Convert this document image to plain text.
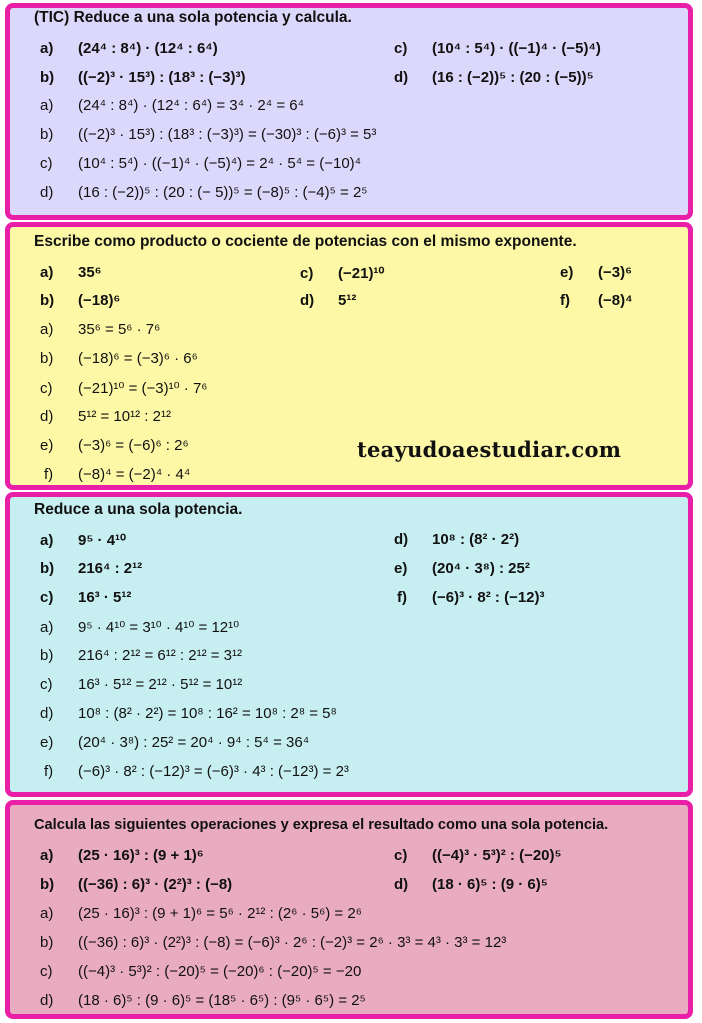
(TIC) Reduce a una sola potencia y calcula.
a) (24⁴ : 8⁴) · (12⁴ : 6⁴)	c) (10⁴ : 5⁴) · ((−1)⁴ · (−5)⁴)
b) ((−2)³ · 15³) : (18³ : (−3)³)	d) (16 : (−2))⁵ : (20 : (−5))⁵
a) (24⁴ : 8⁴) · (12⁴ : 6⁴) = 3⁴ · 2⁴ = 6⁴
b) ((−2)³ · 15³) : (18³ : (−3)³) = (−30)³ : (−6)³ = 5³
c) (10⁴ : 5⁴) · ((−1)⁴ · (−5)⁴) = 2⁴ · 5⁴ = (−10)⁴
d) (16 : (−2))⁵ : (20 : (− 5))⁵ = (−8)⁵ : (−4)⁵ = 2⁵
Escribe como producto o cociente de potencias con el mismo exponente.
a) 35⁶	c) (−21)¹⁰	e) (−3)⁶
b) (−18)⁶	d) 5¹²	f) (−8)⁴
a) 35⁶ = 5⁶ · 7⁶
b) (−18)⁶ = (−3)⁶ · 6⁶
c) (−21)¹⁰ = (−3)¹⁰ · 7⁶
d) 5¹² = 10¹² : 2¹²
e) (−3)⁶ = (−6)⁶ : 2⁶
f) (−8)⁴ = (−2)⁴ · 4⁴
teayudoaestudiar.com
Reduce a una sola potencia.
a) 9⁵ · 4¹⁰	d) 10⁸ : (8² · 2²)
b) 216⁴ : 2¹²	e) (20⁴ · 3⁸) : 25²
c) 16³ · 5¹²	f) (−6)³ · 8² : (−12)³
a) 9⁵ · 4¹⁰ = 3¹⁰ · 4¹⁰ = 12¹⁰
b) 216⁴ : 2¹² = 6¹² : 2¹² = 3¹²
c) 16³ · 5¹² = 2¹² · 5¹² = 10¹²
d) 10⁸ : (8² · 2²) = 10⁸ : 16² = 10⁸ : 2⁸ = 5⁸
e) (20⁴ · 3⁸) : 25² = 20⁴ · 9⁴ : 5⁴ = 36⁴
f) (−6)³ · 8² : (−12)³ = (−6)³ · 4³ : (−12³) = 2³
Calcula las siguientes operaciones y expresa el resultado como una sola potencia.
a) (25 · 16)³ : (9 + 1)⁶	c) ((−4)³ · 5³)² : (−20)⁵
b) ((−36) : 6)³ · (2²)³ : (−8)	d) (18 · 6)⁵ : (9 · 6)⁵
a) (25 · 16)³ : (9 + 1)⁶ = 5⁶ · 2¹² : (2⁶ · 5⁶) = 2⁶
b) ((−36) : 6)³ · (2²)³ : (−8) = (−6)³ · 2⁶ : (−2)³ = 2⁶ · 3³ = 4³ · 3³ = 12³
c) ((−4)³ · 5³)² : (−20)⁵ = (−20)⁶ : (−20)⁵ = −20
d) (18 · 6)⁵ : (9 · 6)⁵ = (18⁵ · 6⁵) : (9⁵ · 6⁵) = 2⁵
